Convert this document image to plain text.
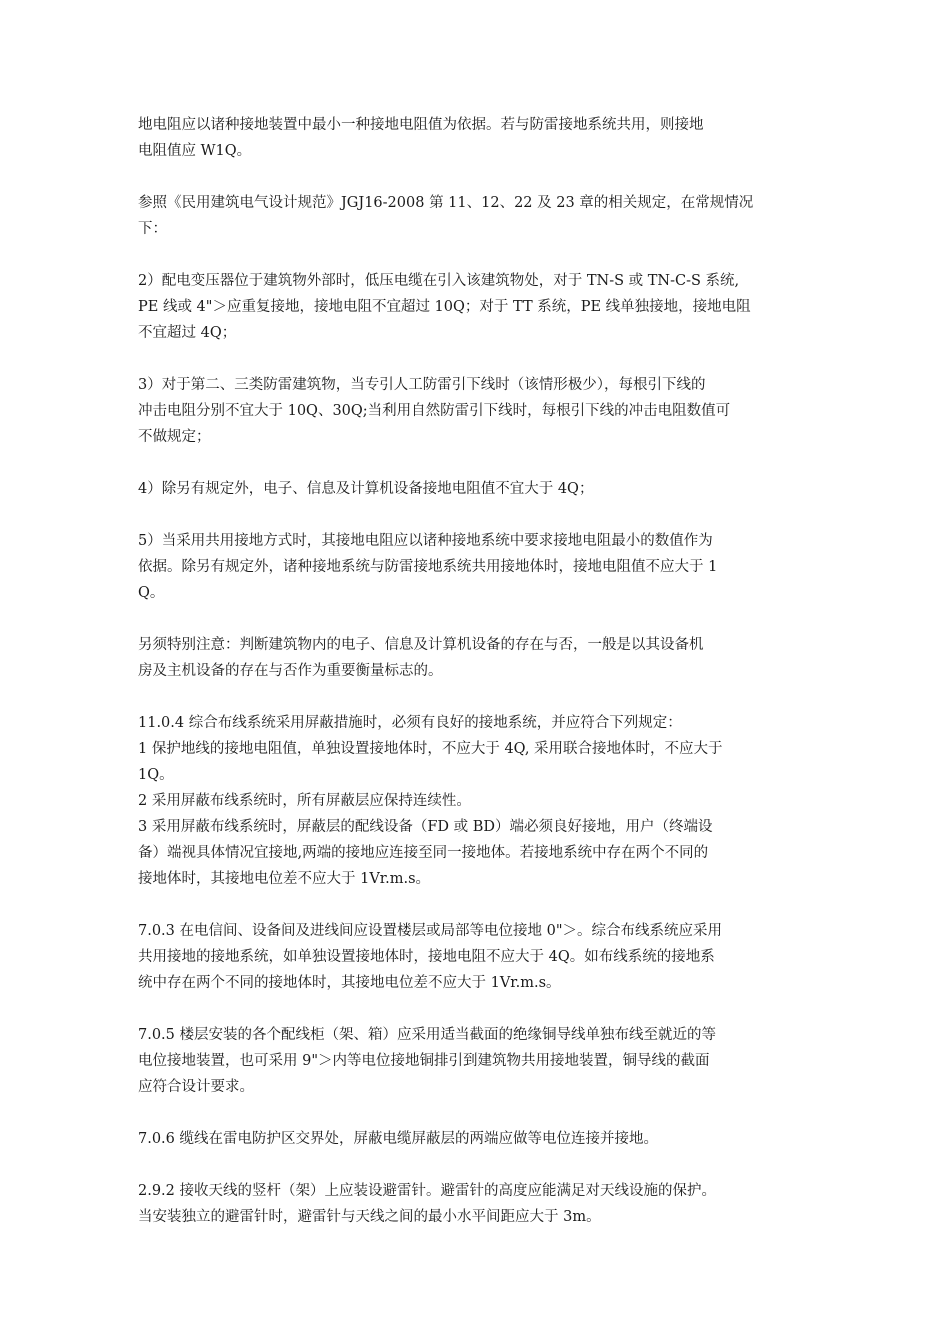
地电阻应以诸种接地装置中最小一种接地电阻值为依据。若与防雷接地系统共用，则接地
电阻值应 W1Q。
参照《民用建筑电气设计规范》JGJ16-2008 第 11、12、22 及 23 章的相关规定，在常规情况
下：
2）配电变压器位于建筑物外部时，低压电缆在引入该建筑物处，对于 TN-S 或 TN-C-S 系统,
PE 线或 4"＞应重复接地，接地电阻不宜超过 10Q；对于 TT 系统，PE 线单独接地，接地电阻
不宜超过 4Q；
3）对于第二、三类防雷建筑物，当专引人工防雷引下线时（该情形极少），每根引下线的
冲击电阻分别不宜大于 10Q、30Q;当利用自然防雷引下线时，每根引下线的冲击电阻数值可
不做规定；
4）除另有规定外，电子、信息及计算机设备接地电阻值不宜大于 4Q；
5）当采用共用接地方式时，其接地电阻应以诸种接地系统中要求接地电阻最小的数值作为
依据。除另有规定外，诸种接地系统与防雷接地系统共用接地体时，接地电阻值不应大于 1
Q。
另须特别注意：判断建筑物内的电子、信息及计算机设备的存在与否，一般是以其设备机
房及主机设备的存在与否作为重要衡量标志的。
11.0.4 综合布线系统采用屏蔽措施时，必须有良好的接地系统，并应符合下列规定：
1 保护地线的接地电阻值，单独设置接地体时，不应大于 4Q, 采用联合接地体时，不应大于
1Q。
2 采用屏蔽布线系统时，所有屏蔽层应保持连续性。
3 采用屏蔽布线系统时，屏蔽层的配线设备（FD 或 BD）端必须良好接地，用户（终端设
备）端视具体情况宜接地,两端的接地应连接至同一接地体。若接地系统中存在两个不同的
接地体时，其接地电位差不应大于 1Vr.m.s。
7.0.3 在电信间、设备间及进线间应设置楼层或局部等电位接地 0"＞。综合布线系统应采用
共用接地的接地系统，如单独设置接地体时，接地电阻不应大于 4Q。如布线系统的接地系
统中存在两个不同的接地体时，其接地电位差不应大于 1Vr.m.s。
7.0.5 楼层安装的各个配线柜（架、箱）应采用适当截面的绝缘铜导线单独布线至就近的等
电位接地装置，也可采用 9"＞内等电位接地铜排引到建筑物共用接地装置，铜导线的截面
应符合设计要求。
7.0.6 缆线在雷电防护区交界处，屏蔽电缆屏蔽层的两端应做等电位连接并接地。
2.9.2 接收天线的竖杆（架）上应装设避雷针。避雷针的高度应能满足对天线设施的保护。
当安装独立的避雷针时，避雷针与天线之间的最小水平间距应大于 3m。
